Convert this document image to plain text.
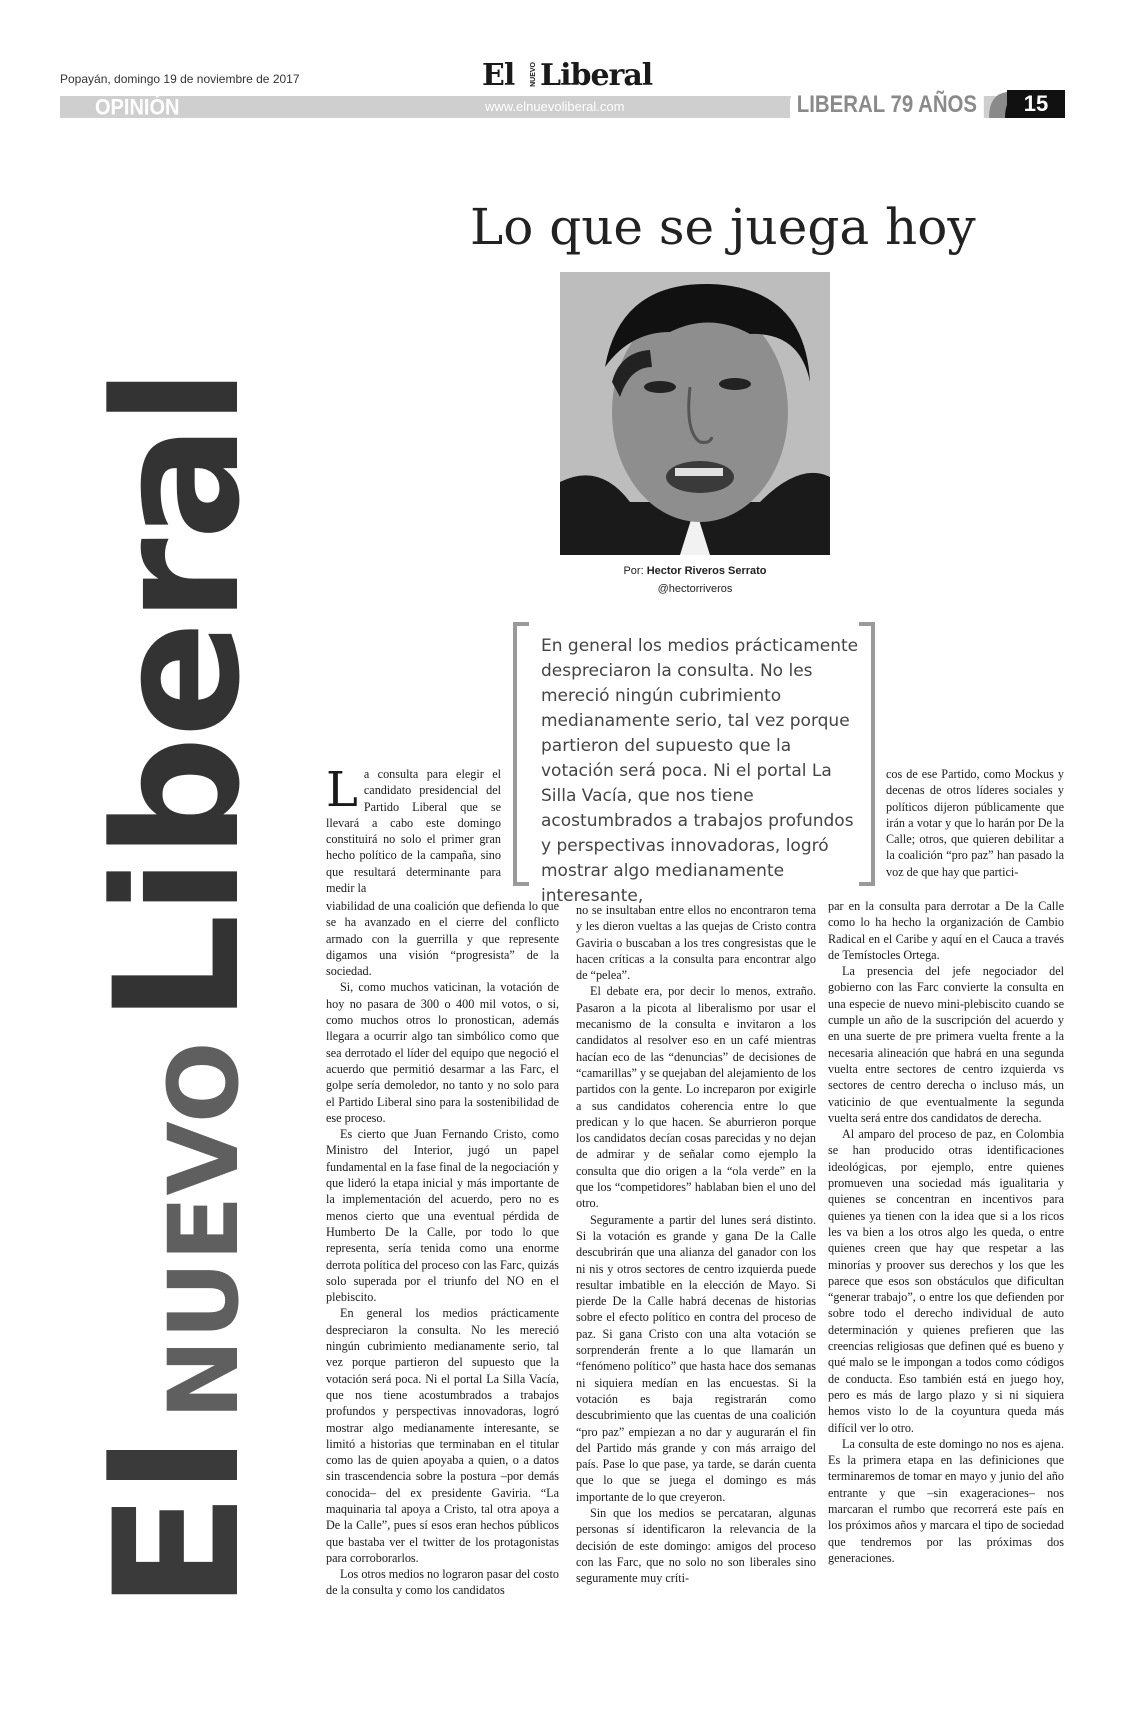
Popayán, domingo 19 de noviembre de 2017	El NUEVO Liberal
OPINIÓN	www.elnuevoliberal.com	LIBERAL 79 AÑOS	15
ElNUEVOLiberal
Lo que se juega hoy
Por: Hector Riveros Serrato
@hectorriveros
En general los medios prácticamente despreciaron la consulta. No les mereció ningún cubrimiento medianamente serio, tal vez porque partieron del supuesto que la votación será poca. Ni el portal La Silla Vacía, que nos tiene acostumbrados a trabajos profundos y perspectivas innovadoras, logró mostrar algo medianamente interesante,
La consulta para elegir el candidato presidencial del Partido Liberal que se llevará a cabo este domingo constituirá no solo el primer gran hecho político de la campaña, sino que resultará determinante para medir la

viabilidad de una coalición que defienda lo que se ha avanzado en el cierre del conflicto armado con la guerrilla y que represente digamos una visión “progresista” de la sociedad.

Si, como muchos vaticinan, la votación de hoy no pasara de 300 o 400 mil votos, o si, como muchos otros lo pronostican, además llegara a ocurrir algo tan simbólico como que sea derrotado el líder del equipo que negoció el acuerdo que permitió desarmar a las Farc, el golpe sería demoledor, no tanto y no solo para el Partido Liberal sino para la sostenibilidad de ese proceso.

Es cierto que Juan Fernando Cristo, como Ministro del Interior, jugó un papel fundamental en la fase final de la negociación y que lideró la etapa inicial y más importante de la implementación del acuerdo, pero no es menos cierto que una eventual pérdida de Humberto De la Calle, por todo lo que representa, sería tenida como una enorme derrota política del proceso con las Farc, quizás solo superada por el triunfo del NO en el plebiscito.

En general los medios prácticamente despreciaron la consulta. No les mereció ningún cubrimiento medianamente serio, tal vez porque partieron del supuesto que la votación será poca. Ni el portal La Silla Vacía, que nos tiene acostumbrados a trabajos profundos y perspectivas innovadoras, logró mostrar algo medianamente interesante, se limitó a historias que terminaban en el titular como las de quien apoyaba a quien, o a datos sin trascendencia sobre la postura –por demás conocida– del ex presidente Gaviria. “La maquinaria tal apoya a Cristo, tal otra apoya a De la Calle”, pues sí esos eran hechos públicos que bastaba ver el twitter de los protagonistas para corroborarlos.

Los otros medios no lograron pasar del costo de la consulta y como los candidatos

no se insultaban entre ellos no encontraron tema y les dieron vueltas a las quejas de Cristo contra Gaviria o buscaban a los tres congresistas que le hacen críticas a la consulta para encontrar algo de “pelea”.

El debate era, por decir lo menos, extraño. Pasaron a la picota al liberalismo por usar el mecanismo de la consulta e invitaron a los candidatos al resolver eso en un café mientras hacían eco de las “denuncias” de decisiones de “camarillas” y se quejaban del alejamiento de los partidos con la gente. Lo increparon por exigirle a sus candidatos coherencia entre lo que predican y lo que hacen. Se aburrieron porque los candidatos decían cosas parecidas y no dejan de admirar y de señalar como ejemplo la consulta que dio origen a la “ola verde” en la que los “competidores” hablaban bien el uno del otro.

Seguramente a partir del lunes será distinto. Si la votación es grande y gana De la Calle descubrirán que una alianza del ganador con los ni nis y otros sectores de centro izquierda puede resultar imbatible en la elección de Mayo. Si pierde De la Calle habrá decenas de historias sobre el efecto político en contra del proceso de paz. Si gana Cristo con una alta votación se sorprenderán frente a lo que llamarán un “fenómeno político” que hasta hace dos semanas ni siquiera medían en las encuestas. Si la votación es baja registrarán como descubrimiento que las cuentas de una coalición “pro paz” empiezan a no dar y augurarán el fin del Partido más grande y con más arraigo del país. Pase lo que pase, ya tarde, se darán cuenta que lo que se juega el domingo es más importante de lo que creyeron.

Sin que los medios se percataran, algunas personas sí identificaron la relevancia de la decisión de este domingo: amigos del proceso con las Farc, que no solo no son liberales sino seguramente muy críti-

cos de ese Partido, como Mockus y decenas de otros líderes sociales y políticos dijeron públicamente que irán a votar y que lo harán por De la Calle; otros, que quieren debilitar a la coalición “pro paz” han pasado la voz de que hay que partici-

par en la consulta para derrotar a De la Calle como lo ha hecho la organización de Cambio Radical en el Caribe y aquí en el Cauca a través de Temístocles Ortega.

La presencia del jefe negociador del gobierno con las Farc convierte la consulta en una especie de nuevo mini-plebiscito cuando se cumple un año de la suscripción del acuerdo y en una suerte de pre primera vuelta frente a la necesaria alineación que habrá en una segunda vuelta entre sectores de centro izquierda vs sectores de centro derecha o incluso más, un vaticinio de que eventualmente la segunda vuelta será entre dos candidatos de derecha.

Al amparo del proceso de paz, en Colombia se han producido otras identificaciones ideológicas, por ejemplo, entre quienes promueven una sociedad más igualitaria y quienes se concentran en incentivos para quienes ya tienen con la idea que si a los ricos les va bien a los otros algo les queda, o entre quienes creen que hay que respetar a las minorías y proover sus derechos y los que les parece que esos son obstáculos que dificultan “generar trabajo”, o entre los que defienden por sobre todo el derecho individual de auto determinación y quienes prefieren que las creencias religiosas que definen qué es bueno y qué malo se le impongan a todos como códigos de conducta. Eso también está en juego hoy, pero es más de largo plazo y si ni siquiera hemos visto lo de la coyuntura queda más difícil ver lo otro.

La consulta de este domingo no nos es ajena. Es la primera etapa en las definiciones que terminaremos de tomar en mayo y junio del año entrante y que –sin exageraciones– nos marcaran el rumbo que recorrerá este país en los próximos años y marcara el tipo de sociedad que tendremos por las próximas dos generaciones.
